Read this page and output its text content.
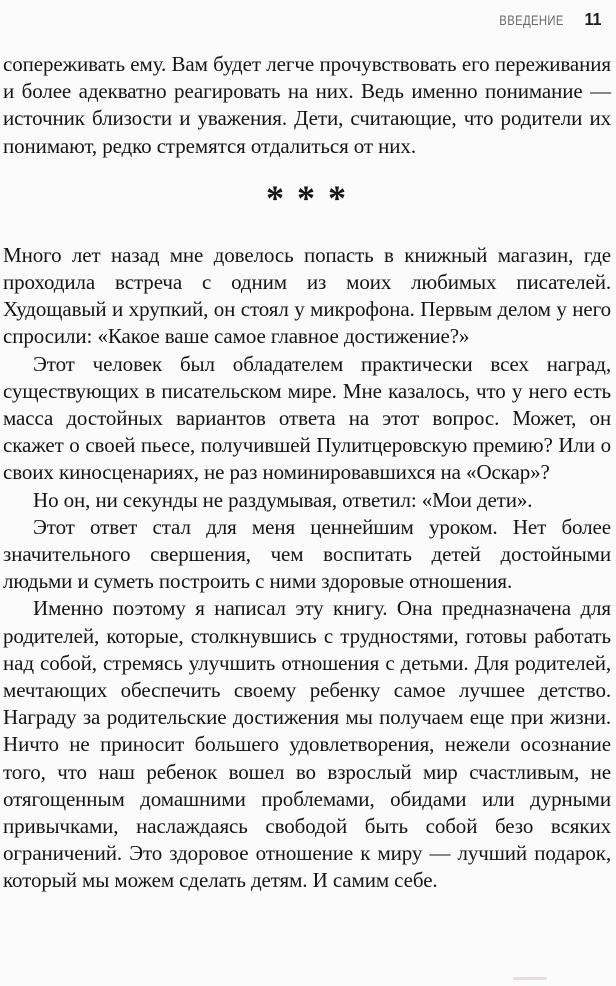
ВВЕДЕНИЕ 11

сопереживать ему. Вам будет легче прочувствовать его переживания и более адекватно реагировать на них. Ведь именно понимание — источник близости и уважения. Дети, считающие, что родители их понимают, редко стремятся отдалиться от них.

* * *

Много лет назад мне довелось попасть в книжный магазин, где проходила встреча с одним из моих любимых писателей. Худощавый и хрупкий, он стоял у микрофона. Первым делом у него спросили: «Какое ваше самое главное достижение?»

Этот человек был обладателем практически всех наград, существующих в писательском мире. Мне казалось, что у него есть масса достойных вариантов ответа на этот вопрос. Может, он скажет о своей пьесе, получившей Пулитцеровскую премию? Или о своих киносценариях, не раз номинировавшихся на «Оскар»?

Но он, ни секунды не раздумывая, ответил: «Мои дети».

Этот ответ стал для меня ценнейшим уроком. Нет более значительного свершения, чем воспитать детей достойными людьми и суметь построить с ними здоровые отношения.

Именно поэтому я написал эту книгу. Она предназначена для родителей, которые, столкнувшись с трудностями, готовы работать над собой, стремясь улучшить отношения с детьми. Для родителей, мечтающих обеспечить своему ребенку самое лучшее детство. Награду за родительские достижения мы получаем еще при жизни. Ничто не приносит большего удовлетворения, нежели осознание того, что наш ребенок вошел во взрослый мир счастливым, не отягощенным домашними проблемами, обидами или дурными привычками, наслаждаясь свободой быть собой безо всяких ограничений. Это здоровое отношение к миру — лучший подарок, который мы можем сделать детям. И самим себе.
